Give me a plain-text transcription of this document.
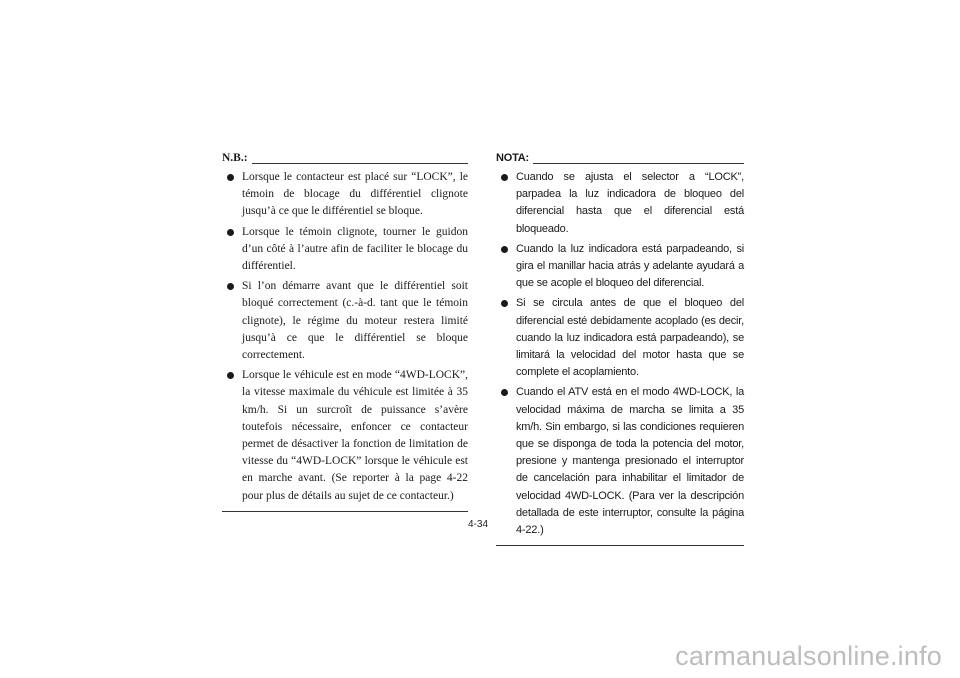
N.B.:
Lorsque le contacteur est placé sur “LOCK”, le témoin de blocage du différentiel clignote jusqu’à ce que le différentiel se bloque.
Lorsque le témoin clignote, tourner le guidon d’un côté à l’autre afin de faciliter le blocage du différentiel.
Si l’on démarre avant que le différentiel soit bloqué correctement (c.-à-d. tant que le témoin clignote), le régime du moteur restera limité jusqu’à ce que le différentiel se bloque correctement.
Lorsque le véhicule est en mode “4WD-LOCK”, la vitesse maximale du véhicule est limitée à 35 km/h. Si un surcroît de puissance s’avère toutefois nécessaire, enfoncer ce contacteur permet de désactiver la fonction de limitation de vitesse du “4WD-LOCK” lorsque le véhicule est en marche avant. (Se reporter à la page 4-22 pour plus de détails au sujet de ce contacteur.)
NOTA:
Cuando se ajusta el selector a “LOCK”, parpadea la luz indicadora de bloqueo del diferencial hasta que el diferencial está bloqueado.
Cuando la luz indicadora está parpadeando, si gira el manillar hacia atrás y adelante ayudará a que se acople el bloqueo del diferencial.
Si se circula antes de que el bloqueo del diferencial esté debidamente acoplado (es decir, cuando la luz indicadora está parpadeando), se limitará la velocidad del motor hasta que se complete el acoplamiento.
Cuando el ATV está en el modo 4WD-LOCK, la velocidad máxima de marcha se limita a 35 km/h. Sin embargo, si las condiciones requieren que se disponga de toda la potencia del motor, presione y mantenga presionado el interruptor de cancelación para inhabilitar el limitador de velocidad 4WD-LOCK. (Para ver la descripción detallada de este interruptor, consulte la página 4-22.)
4-34
carmanualsonline.info
